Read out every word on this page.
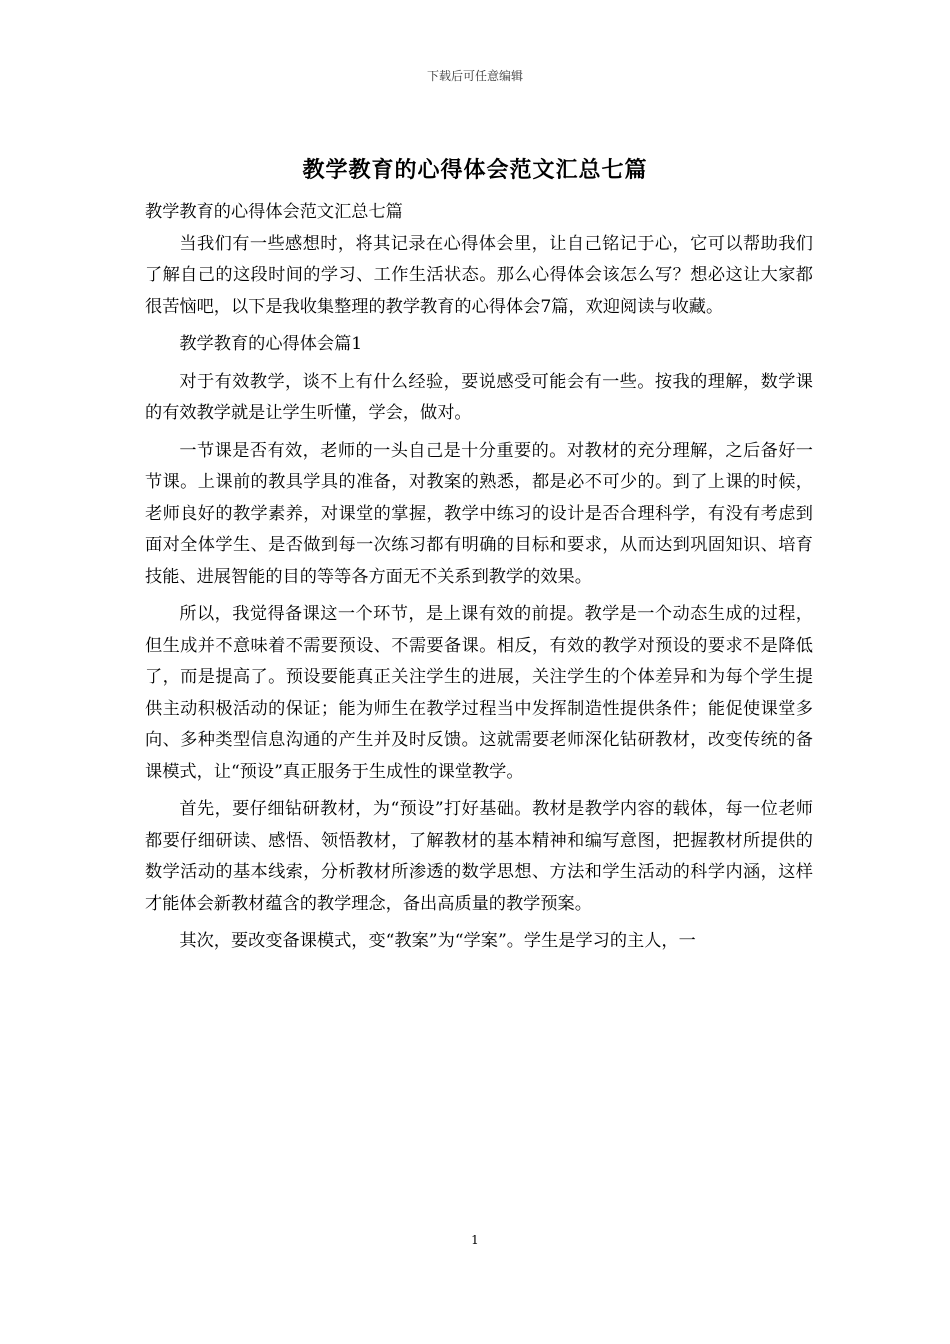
下载后可任意编辑
教学教育的心得体会范文汇总七篇

教学教育的心得体会范文汇总七篇

当我们有一些感想时，将其记录在心得体会里，让自己铭记于心，它可以帮助我们了解自己的这段时间的学习、工作生活状态。那么心得体会该怎么写？想必这让大家都很苦恼吧，以下是我收集整理的教学教育的心得体会7篇，欢迎阅读与收藏。

教学教育的心得体会篇1

对于有效教学，谈不上有什么经验，要说感受可能会有一些。按我的理解，数学课的有效教学就是让学生听懂，学会，做对。

一节课是否有效，老师的一头自己是十分重要的。对教材的充分理解，之后备好一节课。上课前的教具学具的准备，对教案的熟悉，都是必不可少的。到了上课的时候，老师良好的教学素养，对课堂的掌握，教学中练习的设计是否合理科学，有没有考虑到面对全体学生、是否做到每一次练习都有明确的目标和要求，从而达到巩固知识、培育技能、进展智能的目的等等各方面无不关系到教学的效果。

所以，我觉得备课这一个环节，是上课有效的前提。教学是一个动态生成的过程，但生成并不意味着不需要预设、不需要备课。相反，有效的教学对预设的要求不是降低了，而是提高了。预设要能真正关注学生的进展，关注学生的个体差异和为每个学生提供主动积极活动的保证；能为师生在教学过程当中发挥制造性提供条件；能促使课堂多向、多种类型信息沟通的产生并及时反馈。这就需要老师深化钻研教材，改变传统的备课模式，让“预设”真正服务于生成性的课堂教学。

首先，要仔细钻研教材，为“预设”打好基础。教材是教学内容的载体，每一位老师都要仔细研读、感悟、领悟教材，了解教材的基本精神和编写意图，把握教材所提供的数学活动的基本线索，分析教材所渗透的数学思想、方法和学生活动的科学内涵，这样才能体会新教材蕴含的教学理念，备出高质量的教学预案。

其次，要改变备课模式，变“教案”为“学案”。学生是学习的主人，一

1
